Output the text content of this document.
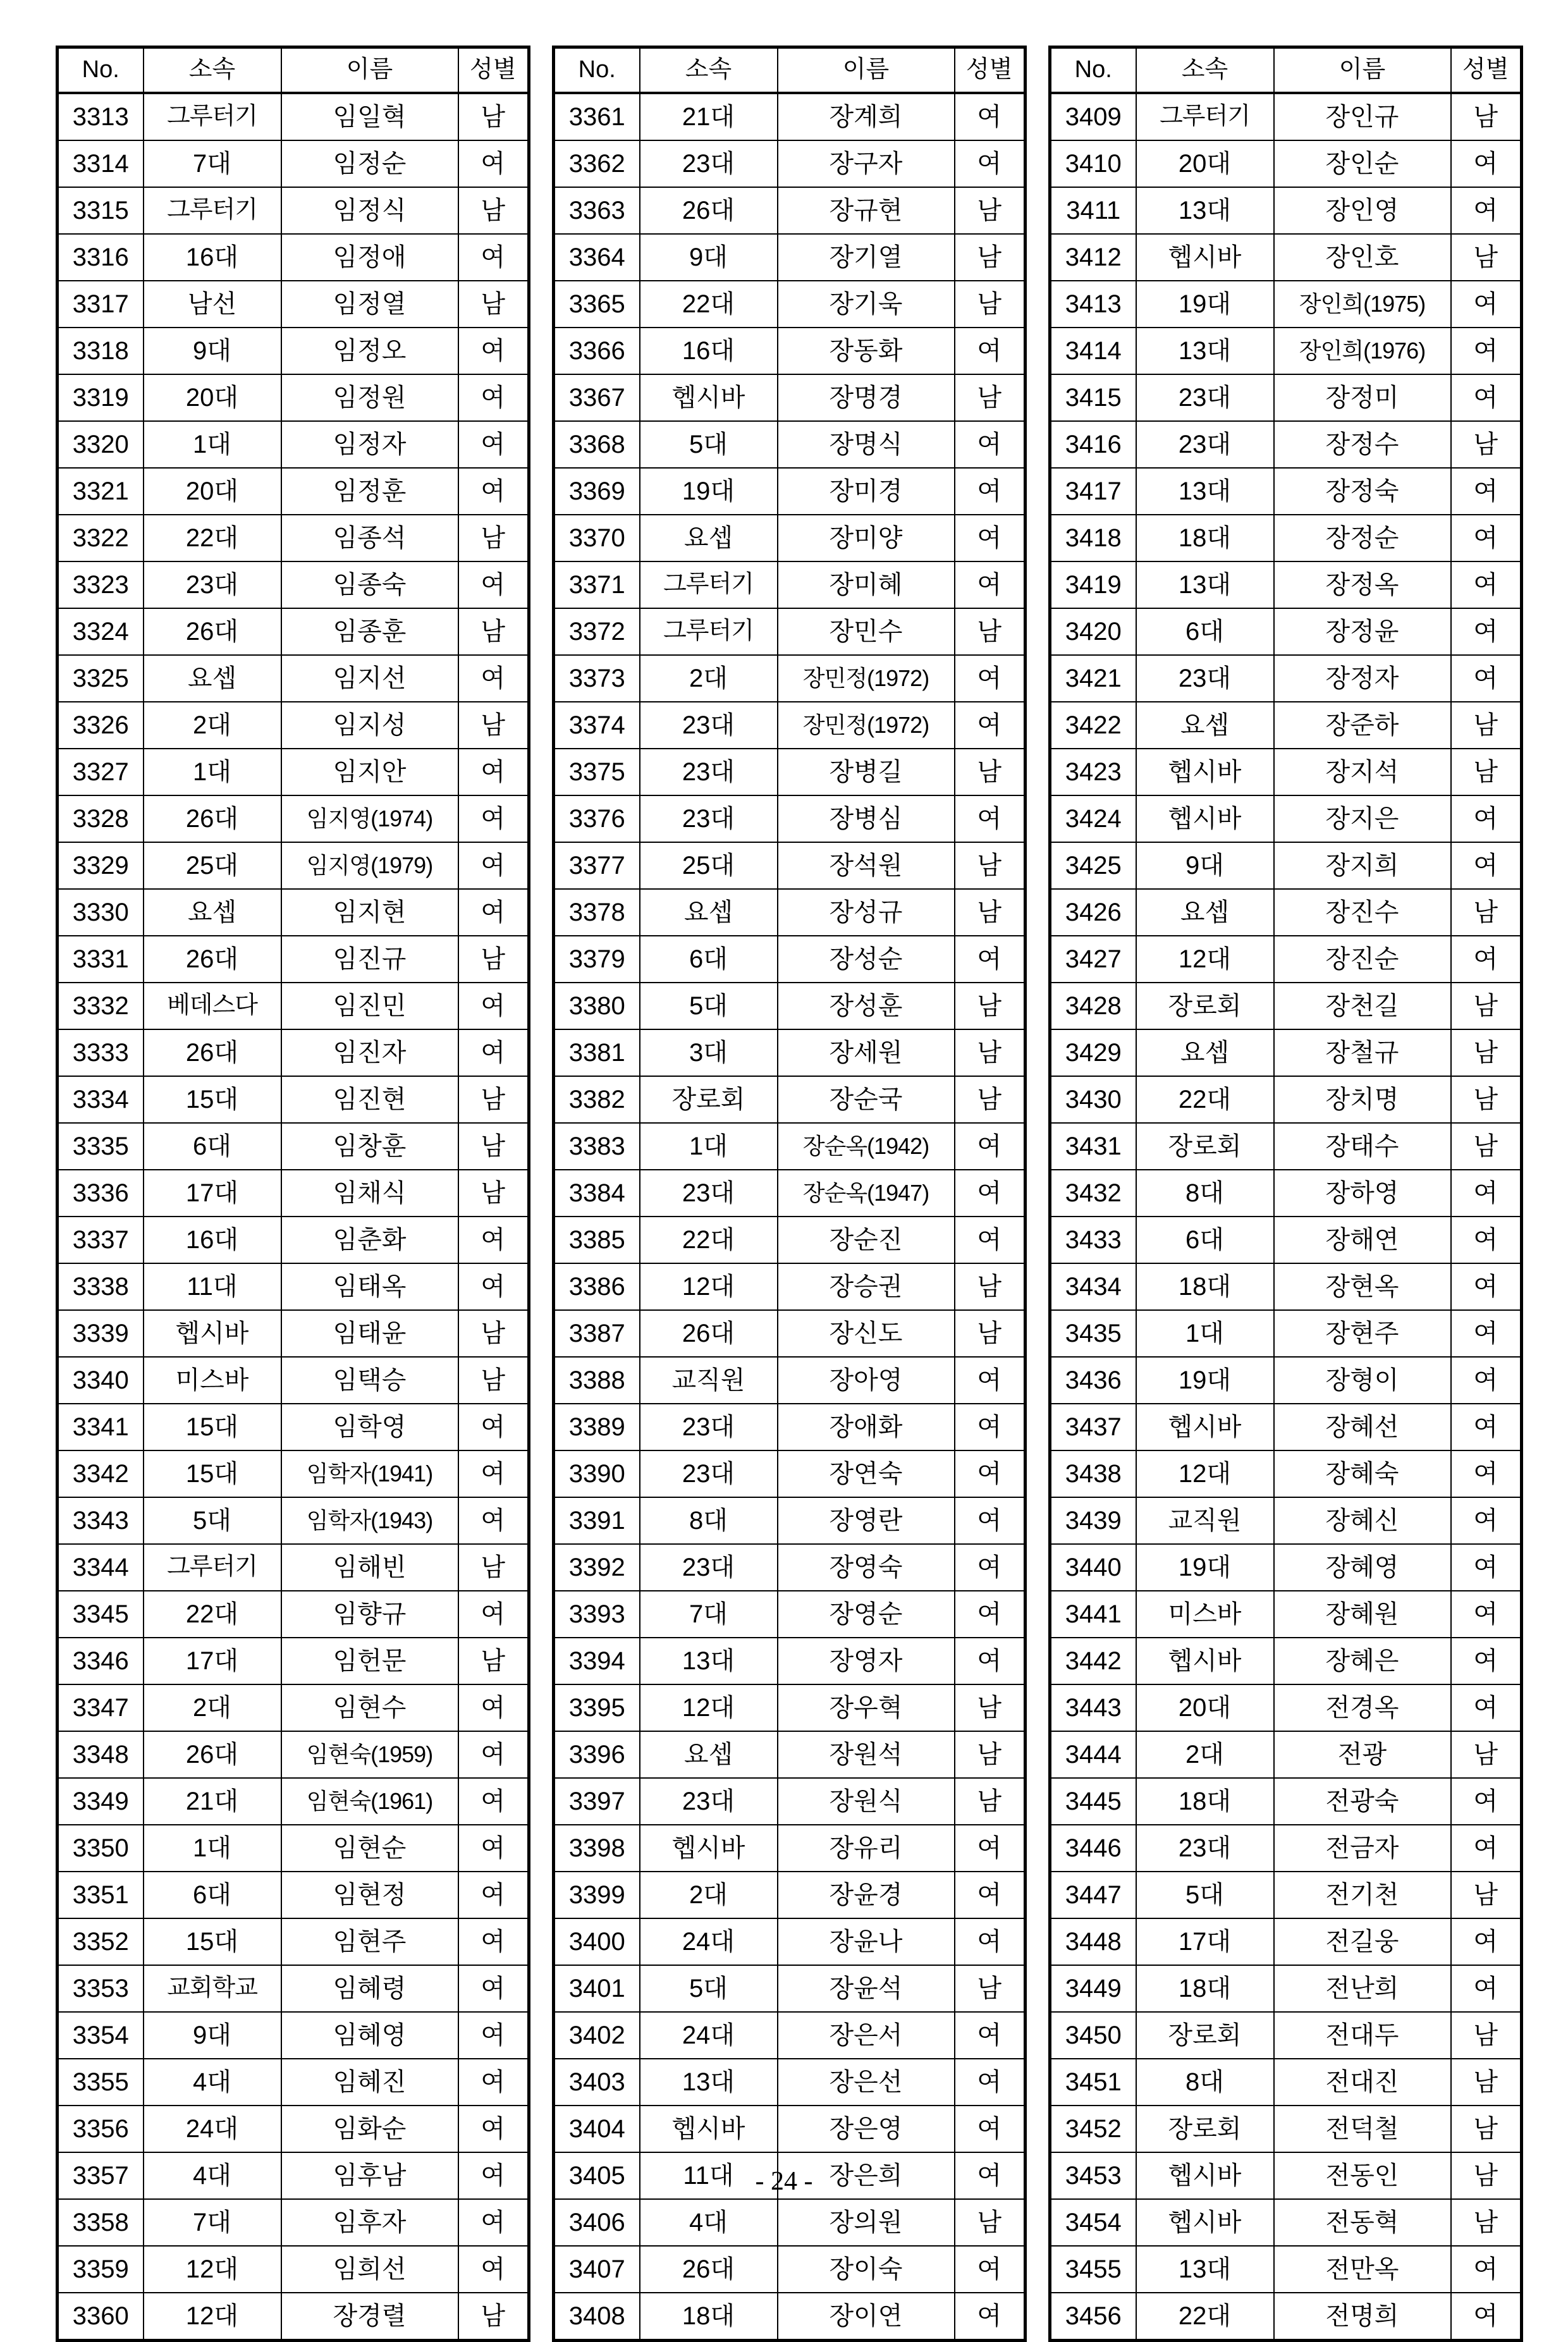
No.	소속	이름	성별
3313	그루터기	임일혁	남
3314	7대	임정순	여
3315	그루터기	임정식	남
3316	16대	임정애	여
3317	남선	임정열	남
3318	9대	임정오	여
3319	20대	임정원	여
3320	1대	임정자	여
3321	20대	임정훈	여
3322	22대	임종석	남
3323	23대	임종숙	여
3324	26대	임종훈	남
3325	요셉	임지선	여
3326	2대	임지성	남
3327	1대	임지안	여
3328	26대	임지영(1974)	여
3329	25대	임지영(1979)	여
3330	요셉	임지현	여
3331	26대	임진규	남
3332	베데스다	임진민	여
3333	26대	임진자	여
3334	15대	임진현	남
3335	6대	임창훈	남
3336	17대	임채식	남
3337	16대	임춘화	여
3338	11대	임태옥	여
3339	헵시바	임태윤	남
3340	미스바	임택승	남
3341	15대	임학영	여
3342	15대	임학자(1941)	여
3343	5대	임학자(1943)	여
3344	그루터기	임해빈	남
3345	22대	임향규	여
3346	17대	임헌문	남
3347	2대	임현수	여
3348	26대	임현숙(1959)	여
3349	21대	임현숙(1961)	여
3350	1대	임현순	여
3351	6대	임현정	여
3352	15대	임현주	여
3353	교회학교	임혜령	여
3354	9대	임혜영	여
3355	4대	임혜진	여
3356	24대	임화순	여
3357	4대	임후남	여
3358	7대	임후자	여
3359	12대	임희선	여
3360	12대	장경렬	남
No.	소속	이름	성별
3361	21대	장계희	여
3362	23대	장구자	여
3363	26대	장규현	남
3364	9대	장기열	남
3365	22대	장기욱	남
3366	16대	장동화	여
3367	헵시바	장명경	남
3368	5대	장명식	여
3369	19대	장미경	여
3370	요셉	장미양	여
3371	그루터기	장미혜	여
3372	그루터기	장민수	남
3373	2대	장민정(1972)	여
3374	23대	장민정(1972)	여
3375	23대	장병길	남
3376	23대	장병심	여
3377	25대	장석원	남
3378	요셉	장성규	남
3379	6대	장성순	여
3380	5대	장성훈	남
3381	3대	장세원	남
3382	장로회	장순국	남
3383	1대	장순옥(1942)	여
3384	23대	장순옥(1947)	여
3385	22대	장순진	여
3386	12대	장승권	남
3387	26대	장신도	남
3388	교직원	장아영	여
3389	23대	장애화	여
3390	23대	장연숙	여
3391	8대	장영란	여
3392	23대	장영숙	여
3393	7대	장영순	여
3394	13대	장영자	여
3395	12대	장우혁	남
3396	요셉	장원석	남
3397	23대	장원식	남
3398	헵시바	장유리	여
3399	2대	장윤경	여
3400	24대	장윤나	여
3401	5대	장윤석	남
3402	24대	장은서	여
3403	13대	장은선	여
3404	헵시바	장은영	여
3405	11대	장은희	여
3406	4대	장의원	남
3407	26대	장이숙	여
3408	18대	장이연	여
No.	소속	이름	성별
3409	그루터기	장인규	남
3410	20대	장인순	여
3411	13대	장인영	여
3412	헵시바	장인호	남
3413	19대	장인희(1975)	여
3414	13대	장인희(1976)	여
3415	23대	장정미	여
3416	23대	장정수	남
3417	13대	장정숙	여
3418	18대	장정순	여
3419	13대	장정옥	여
3420	6대	장정윤	여
3421	23대	장정자	여
3422	요셉	장준하	남
3423	헵시바	장지석	남
3424	헵시바	장지은	여
3425	9대	장지희	여
3426	요셉	장진수	남
3427	12대	장진순	여
3428	장로회	장천길	남
3429	요셉	장철규	남
3430	22대	장치명	남
3431	장로회	장태수	남
3432	8대	장하영	여
3433	6대	장해연	여
3434	18대	장현옥	여
3435	1대	장현주	여
3436	19대	장형이	여
3437	헵시바	장혜선	여
3438	12대	장혜숙	여
3439	교직원	장혜신	여
3440	19대	장혜영	여
3441	미스바	장혜원	여
3442	헵시바	장혜은	여
3443	20대	전경옥	여
3444	2대	전광	남
3445	18대	전광숙	여
3446	23대	전금자	여
3447	5대	전기천	남
3448	17대	전길웅	여
3449	18대	전난희	여
3450	장로회	전대두	남
3451	8대	전대진	남
3452	장로회	전덕철	남
3453	헵시바	전동인	남
3454	헵시바	전동혁	남
3455	13대	전만옥	여
3456	22대	전명희	여
- 24 -
